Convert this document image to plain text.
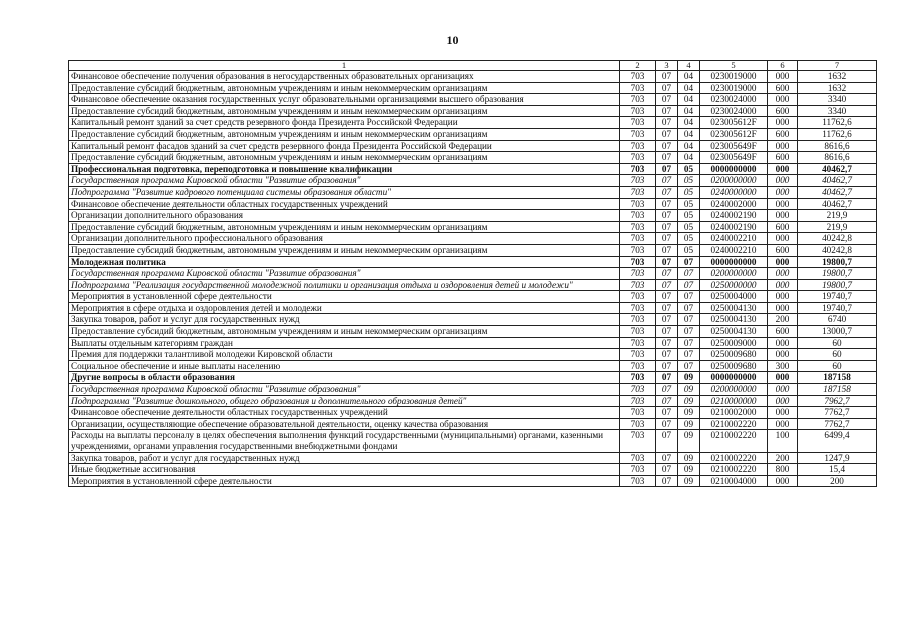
10
1	2	3	4	5	6	7
Финансовое обеспечение получения образования в негосударственных образовательных организациях	703	07	04	0230019000	000	1632
Предоставление субсидий бюджетным, автономным учреждениям и иным некоммерческим организациям	703	07	04	0230019000	600	1632
Финансовое обеспечение оказания государственных услуг образовательными организациями высшего образования	703	07	04	0230024000	000	3340
Предоставление субсидий бюджетным, автономным учреждениям и иным некоммерческим организациям	703	07	04	0230024000	600	3340
Капитальный ремонт зданий за счет средств резервного фонда Президента Российской Федерации	703	07	04	023005612F	000	11762,6
Предоставление субсидий бюджетным, автономным учреждениям и иным некоммерческим организациям	703	07	04	023005612F	600	11762,6
Капитальный ремонт фасадов зданий за счет средств резервного фонда Президента Российской Федерации	703	07	04	023005649F	000	8616,6
Предоставление субсидий бюджетным, автономным учреждениям и иным некоммерческим организациям	703	07	04	023005649F	600	8616,6
Профессиональная подготовка, переподготовка и повышение квалификации	703	07	05	0000000000	000	40462,7
Государственная программа Кировской области "Развитие образования"	703	07	05	0200000000	000	40462,7
Подпрограмма "Развитие кадрового потенциала системы образования области"	703	07	05	0240000000	000	40462,7
Финансовое обеспечение деятельности областных государственных учреждений	703	07	05	0240002000	000	40462,7
Организации дополнительного образования	703	07	05	0240002190	000	219,9
Предоставление субсидий бюджетным, автономным учреждениям и иным некоммерческим организациям	703	07	05	0240002190	600	219,9
Организации дополнительного профессионального образования	703	07	05	0240002210	000	40242,8
Предоставление субсидий бюджетным, автономным учреждениям и иным некоммерческим организациям	703	07	05	0240002210	600	40242,8
Молодежная политика	703	07	07	0000000000	000	19800,7
Государственная программа Кировской области "Развитие образования"	703	07	07	0200000000	000	19800,7
Подпрограмма "Реализация государственной молодежной политики и организация отдыха и оздоровления детей и молодежи"	703	07	07	0250000000	000	19800,7
Мероприятия в установленной сфере деятельности	703	07	07	0250004000	000	19740,7
Мероприятия в сфере отдыха и оздоровления детей и молодежи	703	07	07	0250004130	000	19740,7
Закупка товаров, работ и услуг для государственных нужд	703	07	07	0250004130	200	6740
Предоставление субсидий бюджетным, автономным учреждениям и иным некоммерческим организациям	703	07	07	0250004130	600	13000,7
Выплаты отдельным категориям граждан	703	07	07	0250009000	000	60
Премия для поддержки талантливой молодежи Кировской области	703	07	07	0250009680	000	60
Социальное обеспечение и иные выплаты населению	703	07	07	0250009680	300	60
Другие вопросы в области образования	703	07	09	0000000000	000	187158
Государственная программа Кировской области "Развитие образования"	703	07	09	0200000000	000	187158
Подпрограмма "Развитие дошкольного, общего образования и дополнительного образования детей"	703	07	09	0210000000	000	7962,7
Финансовое обеспечение деятельности областных государственных учреждений	703	07	09	0210002000	000	7762,7
Организации, осуществляющие обеспечение образовательной деятельности, оценку качества образования	703	07	09	0210002220	000	7762,7
Расходы на выплаты персоналу в целях обеспечения выполнения функций государственными (муниципальными) органами, казенными учреждениями, органами управления государственными внебюджетными фондами	703	07	09	0210002220	100	6499,4
Закупка товаров, работ и услуг для государственных нужд	703	07	09	0210002220	200	1247,9
Иные бюджетные ассигнования	703	07	09	0210002220	800	15,4
Мероприятия в установленной сфере деятельности	703	07	09	0210004000	000	200
